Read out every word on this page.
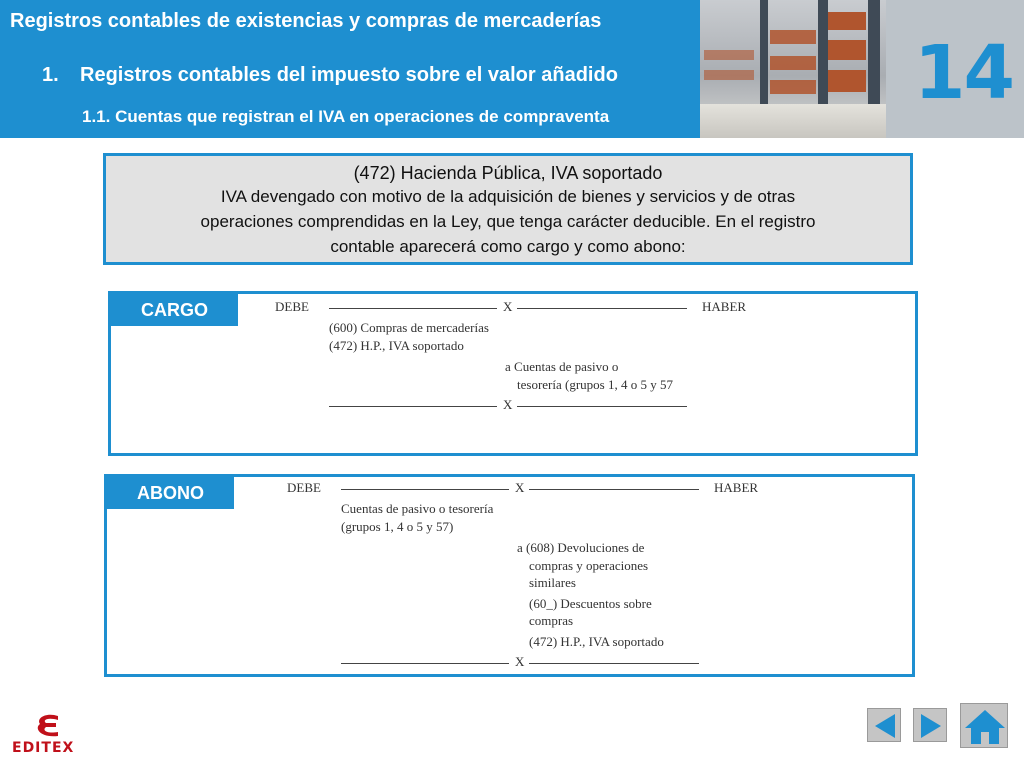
Registros contables de existencias y compras de mercaderías
1. Registros contables del impuesto sobre el valor añadido
1.1. Cuentas que registran el IVA en operaciones de compraventa
14
(472) Hacienda Pública, IVA soportado
IVA devengado con motivo de la adquisición de bienes y servicios y de otras
operaciones comprendidas en la Ley, que tenga carácter deducible. En el registro
contable aparecerá como cargo y como abono:
CARGO	DEBE	X	HABER
(600) Compras de mercaderías
(472) H.P., IVA soportado
a Cuentas de pasivo o
tesorería (grupos 1, 4 o 5 y 57
X
ABONO	DEBE	X	HABER
Cuentas de pasivo o tesorería
(grupos 1, 4 o 5 y 57)
a (608) Devoluciones de
compras y operaciones
similares
(60_) Descuentos sobre
compras
(472) H.P., IVA soportado
X
EDITEX
